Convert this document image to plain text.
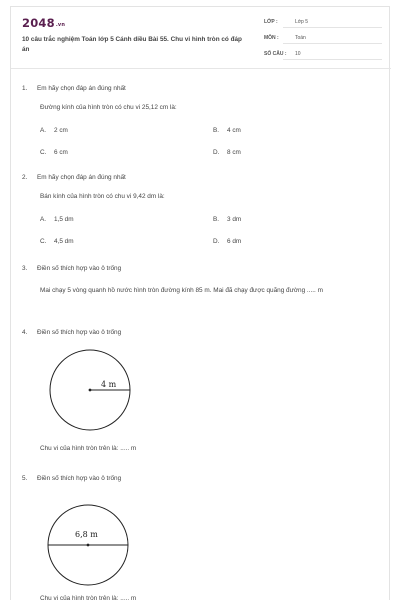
2048.vn
10 câu trắc nghiệm Toán lớp 5 Cánh diều Bài 55. Chu vi hình tròn có đáp án
LỚP :	Lớp 5
MÔN :	Toán
SỐ CÂU :	10
1. Em hãy chọn đáp án đúng nhất
Đường kính của hình tròn có chu vi 25,12 cm là:
A. 2 cm	B. 4 cm
C. 6 cm	D. 8 cm
2. Em hãy chọn đáp án đúng nhất
Bán kính của hình tròn có chu vi 9,42 dm là:
A. 1,5 dm	B. 3 dm
C. 4,5 dm	D. 6 dm
3. Điền số thích hợp vào ô trống
Mai chạy 5 vòng quanh hồ nước hình tròn đường kính 85 m. Mai đã chạy được quãng đường ..... m
4. Điền số thích hợp vào ô trống
4 m
Chu vi của hình tròn trên là: ..... m
5. Điền số thích hợp vào ô trống
6,8 m
Chu vi của hình tròn trên là: ..... m
